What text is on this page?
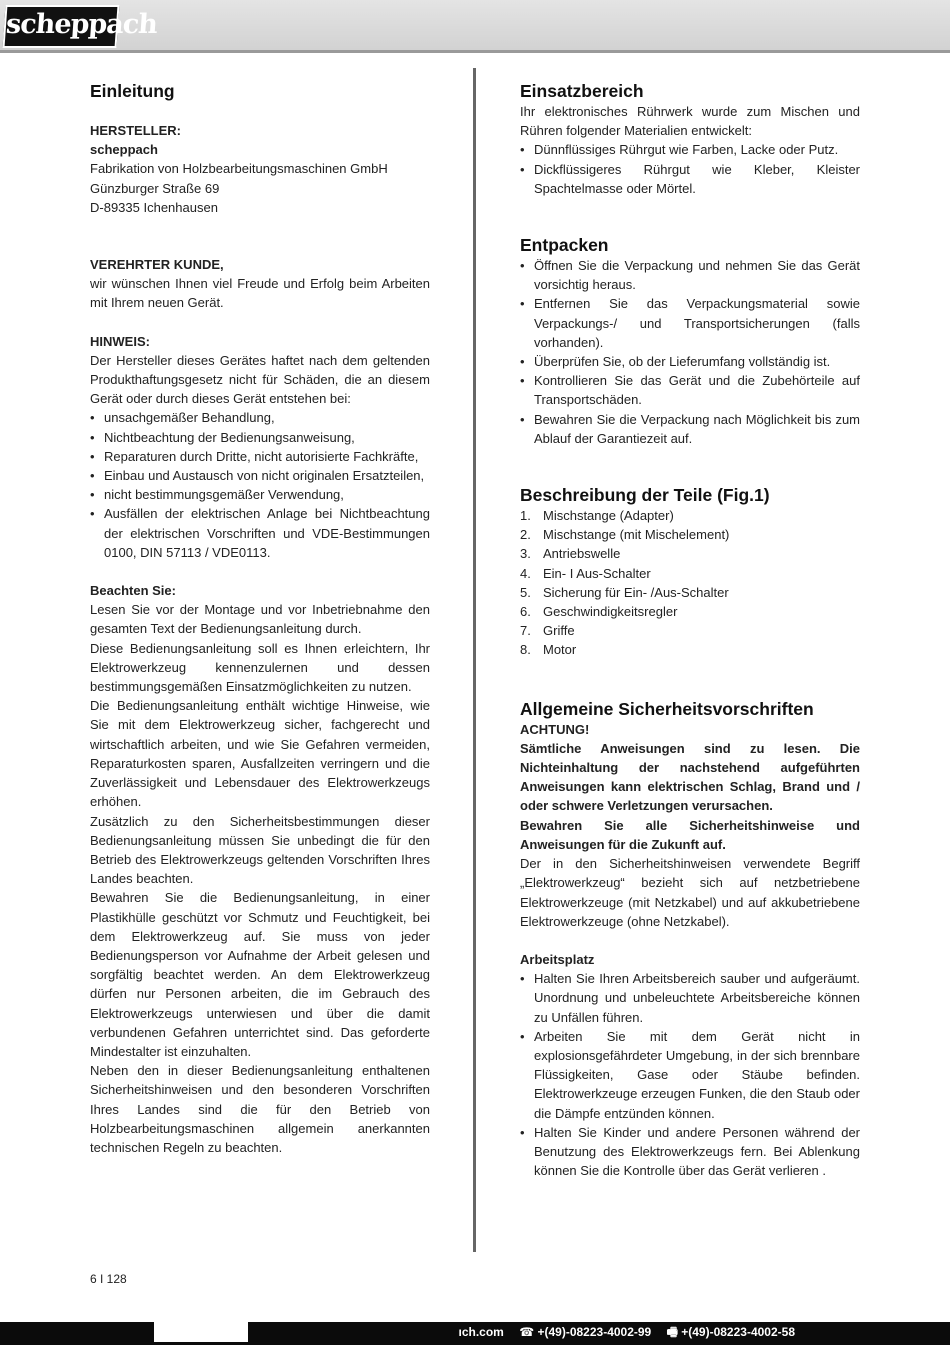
scheppach
Einleitung

HERSTELLER:

scheppach

Fabrikation von Holzbearbeitungsmaschinen GmbH

Günzburger Straße 69

D-89335 Ichenhausen

VEREHRTER KUNDE,

wir wünschen Ihnen viel Freude und Erfolg beim Arbeiten mit Ihrem neuen Gerät.

HINWEIS:

Der Hersteller dieses Gerätes haftet nach dem geltenden Produkthaftungsgesetz nicht für Schäden, die an diesem Gerät oder durch dieses Gerät entstehen bei:

• unsachgemäßer Behandlung,
• Nichtbeachtung der Bedienungsanweisung,
• Reparaturen durch Dritte, nicht autorisierte Fachkräfte,
• Einbau und Austausch von nicht originalen Ersatzteilen,
• nicht bestimmungsgemäßer Verwendung,
• Ausfällen der elektrischen Anlage bei Nichtbeachtung der elektrischen Vorschriften und VDE-Bestimmungen 0100, DIN 57113 / VDE0113.

Beachten Sie:

Lesen Sie vor der Montage und vor Inbetriebnahme den gesamten Text der Bedienungsanleitung durch.

Diese Bedienungsanleitung soll es Ihnen erleichtern, Ihr Elektrowerkzeug kennenzulernen und dessen bestimmungsgemäßen Einsatzmöglichkeiten zu nutzen.

Die Bedienungsanleitung enthält wichtige Hinweise, wie Sie mit dem Elektrowerkzeug sicher, fachgerecht und wirtschaftlich arbeiten, und wie Sie Gefahren vermeiden, Reparaturkosten sparen, Ausfallzeiten verringern und die Zuverlässigkeit und Lebensdauer des Elektrowerkzeugs erhöhen.

Zusätzlich zu den Sicherheitsbestimmungen dieser Bedienungsanleitung müssen Sie unbedingt die für den Betrieb des Elektrowerkzeugs geltenden Vorschriften Ihres Landes beachten.

Bewahren Sie die Bedienungsanleitung, in einer Plastikhülle geschützt vor Schmutz und Feuchtigkeit, bei dem Elektrowerkzeug auf. Sie muss von jeder Bedienungsperson vor Aufnahme der Arbeit gelesen und sorgfältig beachtet werden. An dem Elektrowerkzeug dürfen nur Personen arbeiten, die im Gebrauch des Elektrowerkzeugs unterwiesen und über die damit verbundenen Gefahren unterrichtet sind. Das geforderte Mindestalter ist einzuhalten.

Neben den in dieser Bedienungsanleitung enthaltenen Sicherheitshinweisen und den besonderen Vorschriften Ihres Landes sind die für den Betrieb von Holzbearbeitungsmaschinen allgemein anerkannten technischen Regeln zu beachten.

Einsatzbereich

Ihr elektronisches Rührwerk wurde zum Mischen und Rühren folgender Materialien entwickelt:

• Dünnflüssiges Rührgut wie Farben, Lacke oder Putz.
• Dickflüssigeres Rührgut wie Kleber, Kleister Spachtelmasse oder Mörtel.
Entpacken
• Öffnen Sie die Verpackung und nehmen Sie das Gerät vorsichtig heraus.
• Entfernen Sie das Verpackungsmaterial sowie Verpackungs-/ und Transportsicherungen (falls vorhanden).
• Überprüfen Sie, ob der Lieferumfang vollständig ist.
• Kontrollieren Sie das Gerät und die Zubehörteile auf Transportschäden.
• Bewahren Sie die Verpackung nach Möglichkeit bis zum Ablauf der Garantiezeit auf.
Beschreibung der Teile (Fig.1)
1. Mischstange (Adapter)
2. Mischstange (mit Mischelement)
3. Antriebswelle
4. Ein- I Aus-Schalter
5. Sicherung für Ein- /Aus-Schalter
6. Geschwindigkeitsregler
7. Griffe
8. Motor
Allgemeine Sicherheitsvorschriften

ACHTUNG!

Sämtliche Anweisungen sind zu lesen. Die Nichteinhaltung der nachstehend aufgeführten Anweisungen kann elektrischen Schlag, Brand und / oder schwere Verletzungen verursachen.

Bewahren Sie alle Sicherheitshinweise und Anweisungen für die Zukunft auf.

Der in den Sicherheitshinweisen verwendete Begriff „Elektrowerkzeug“ bezieht sich auf netzbetriebene Elektrowerkzeuge (mit Netzkabel) und auf akkubetriebene Elektrowerkzeuge (ohne Netzkabel).

Arbeitsplatz

• Halten Sie Ihren Arbeitsbereich sauber und aufgeräumt. Unordnung und unbeleuchtete Arbeitsbereiche können zu Unfällen führen.
• Arbeiten Sie mit dem Gerät nicht in explosionsgefährdeter Umgebung, in der sich brennbare Flüssigkeiten, Gase oder Stäube befinden. Elektrowerkzeuge erzeugen Funken, die den Staub oder die Dämpfe entzünden können.
• Halten Sie Kinder und andere Personen während der Benutzung des Elektrowerkzeugs fern. Bei Ablenkung können Sie die Kontrolle über das Gerät verlieren .
6 I 128
ıch.com ☎ +(49)-08223-4002-99 🖷 +(49)-08223-4002-58
